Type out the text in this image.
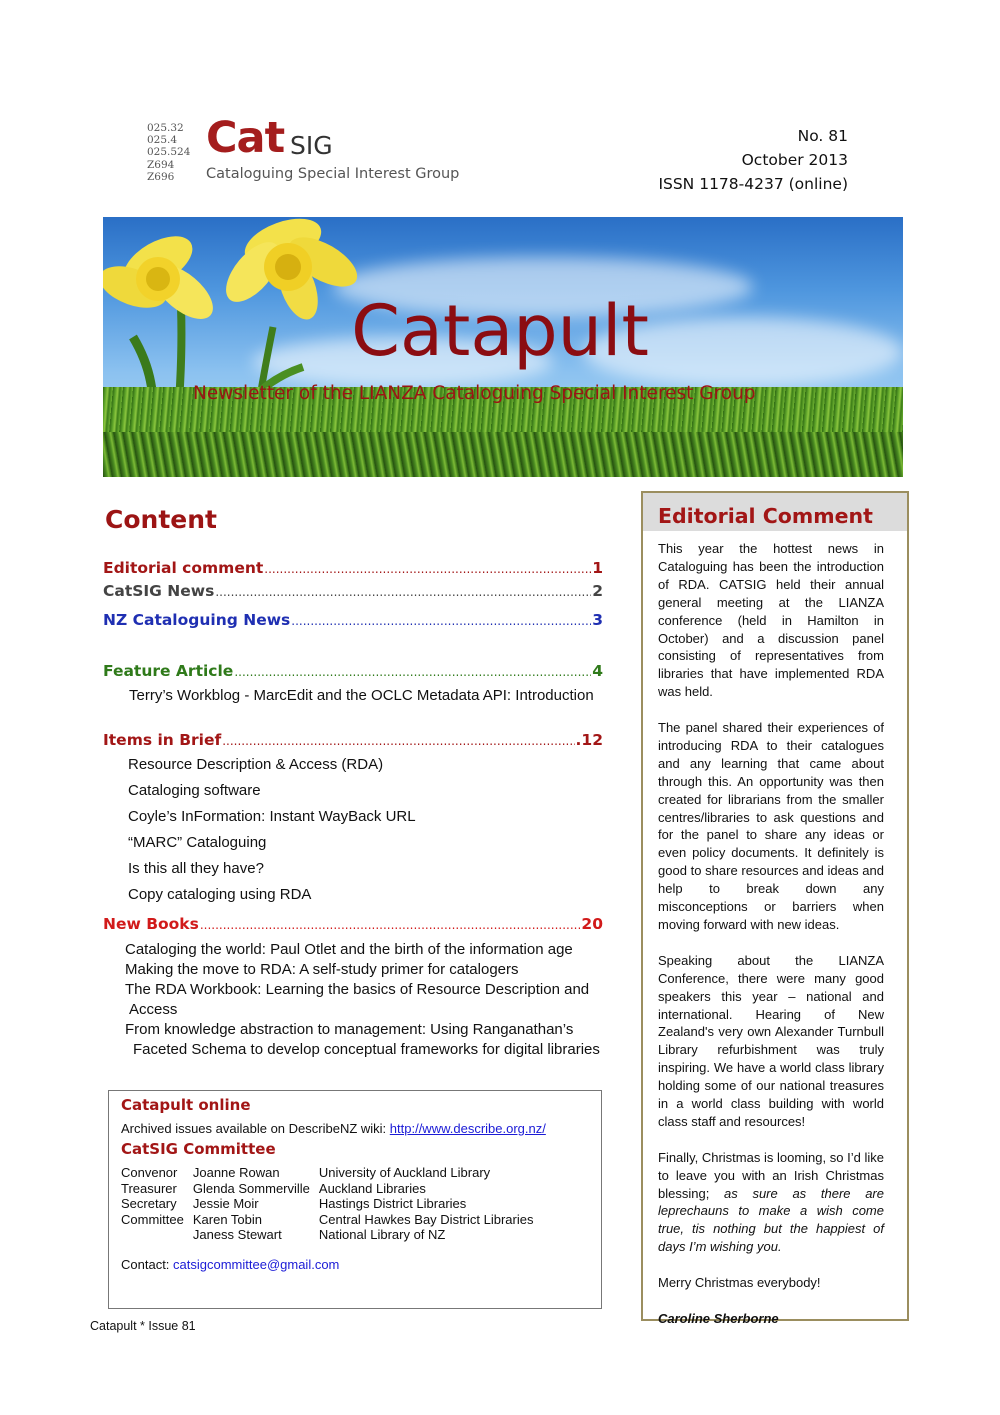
025.32
025.4
025.524
Z694
Z696
Cat SIG
Cataloguing Special Interest Group
No. 81
October 2013
ISSN 1178-4237 (online)
Catapult
Newsletter of the LIANZA Cataloguing Special Interest Group
Content
Editorial comment .....	1
CatSIG News .....	2
NZ Cataloguing News .....	3
Feature Article .....	4
Terry’s Workblog - MarcEdit and the OCLC Metadata API: Introduction
Items in Brief .....	.12
Resource Description & Access (RDA)
Cataloging software
Coyle’s InFormation: Instant WayBack URL
“MARC” Cataloguing
Is this all they have?
Copy cataloging using RDA
New Books .....	20
Cataloging the world: Paul Otlet and the birth of the information age
Making the move to RDA: A self-study primer for catalogers
The RDA Workbook: Learning the basics of Resource Description and
Access
From knowledge abstraction to management: Using Ranganathan’s
Faceted Schema to develop conceptual frameworks for digital libraries
Catapult online
Archived issues available on DescribeNZ wiki: http://www.describe.org.nz/
CatSIG Committee
Convenor	Joanne Rowan	University of Auckland Library
Treasurer	Glenda Sommerville	Auckland Libraries
Secretary	Jessie Moir	Hastings District Libraries
Committee	Karen Tobin	Central Hawkes Bay District Libraries
	Janess Stewart	National Library of NZ
Contact: catsigcommittee@gmail.com
Editorial Comment

This year the hottest news in Cataloguing has been the introduction of RDA. CATSIG held their annual general meeting at the LIANZA conference (held in Hamilton in October) and a discussion panel consisting of representatives from libraries that have implemented RDA was held.

The panel shared their experiences of introducing RDA to their catalogues and any learning that came about through this. An opportunity was then created for librarians from the smaller centres/libraries to ask questions and for the panel to share any ideas or even policy documents. It definitely is good to share resources and ideas and help to break down any misconceptions or barriers when moving forward with new ideas.

Speaking about the LIANZA Conference, there were many good speakers this year – national and international. Hearing of New Zealand's very own Alexander Turnbull Library refurbishment was truly inspiring. We have a world class library holding some of our national treasures in a world class building with world class staff and resources!

Finally, Christmas is looming, so I’d like to leave you with an Irish Christmas blessing; as sure as there are leprechauns to make a wish come true, tis nothing but the happiest of days I’m wishing you.

Merry Christmas everybody!

Caroline Sherborne

Catapult * Issue 81
